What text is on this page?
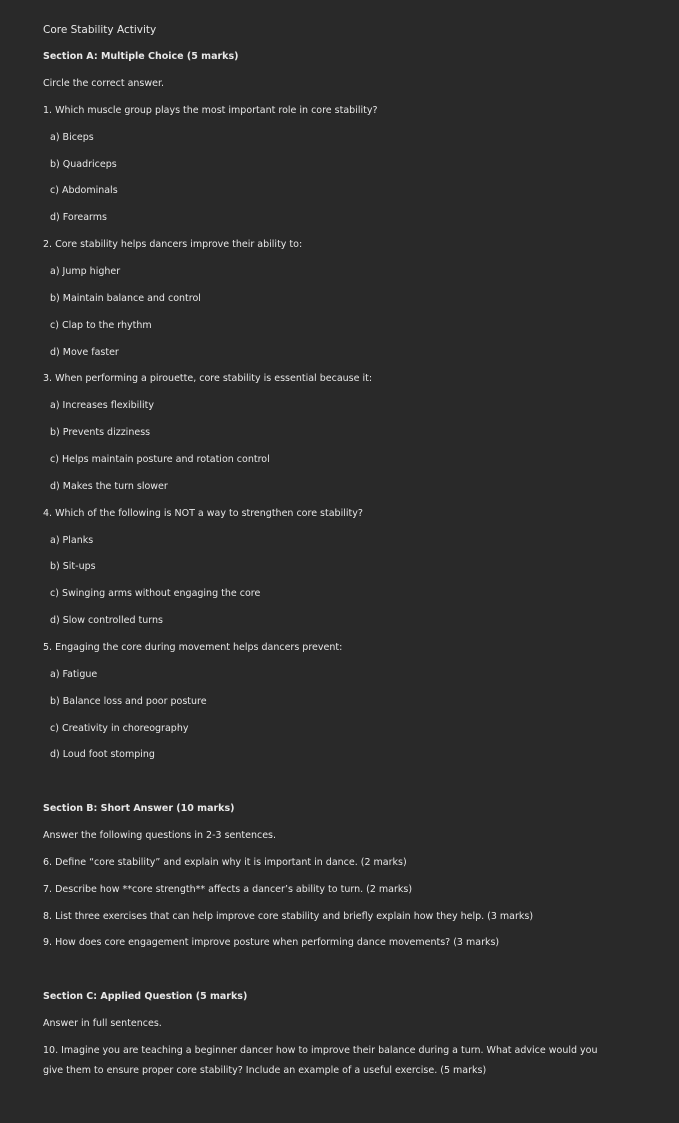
Core Stability Activity
Section A: Multiple Choice (5 marks)
Circle the correct answer.
1. Which muscle group plays the most important role in core stability?
a) Biceps
b) Quadriceps
c) Abdominals
d) Forearms
2. Core stability helps dancers improve their ability to:
a) Jump higher
b) Maintain balance and control
c) Clap to the rhythm
d) Move faster
3. When performing a pirouette, core stability is essential because it:
a) Increases flexibility
b) Prevents dizziness
c) Helps maintain posture and rotation control
d) Makes the turn slower
4. Which of the following is NOT a way to strengthen core stability?
a) Planks
b) Sit-ups
c) Swinging arms without engaging the core
d) Slow controlled turns
5. Engaging the core during movement helps dancers prevent:
a) Fatigue
b) Balance loss and poor posture
c) Creativity in choreography
d) Loud foot stomping
Section B: Short Answer (10 marks)
Answer the following questions in 2-3 sentences.
6. Define “core stability” and explain why it is important in dance. (2 marks)
7. Describe how **core strength** affects a dancer’s ability to turn. (2 marks)
8. List three exercises that can help improve core stability and briefly explain how they help. (3 marks)
9. How does core engagement improve posture when performing dance movements? (3 marks)
Section C: Applied Question (5 marks)
Answer in full sentences.
10. Imagine you are teaching a beginner dancer how to improve their balance during a turn. What advice would you give them to ensure proper core stability? Include an example of a useful exercise. (5 marks)
